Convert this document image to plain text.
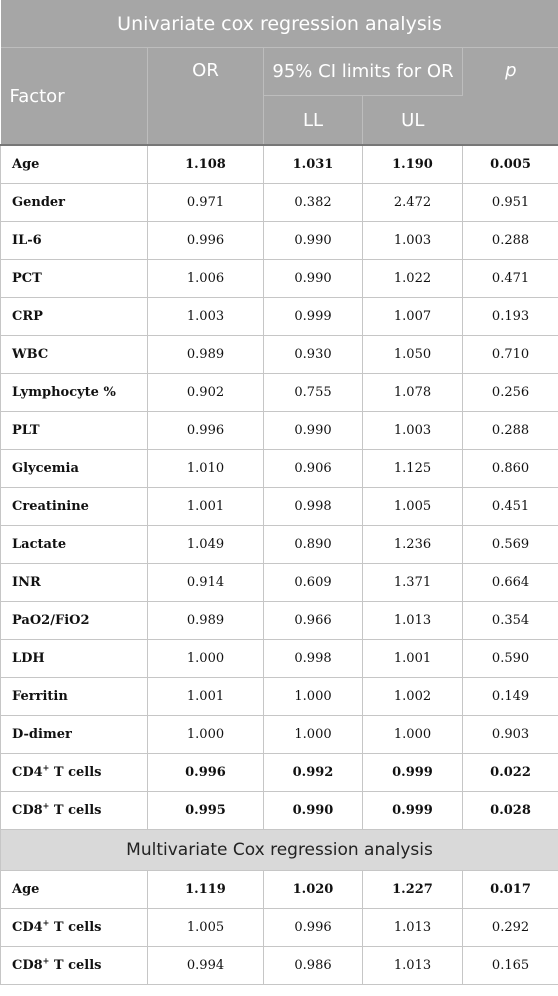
Univariate cox regression analysis				
Factor	OR	95% CI limits for OR		p
		LL	UL	
Age	1.108	1.031	1.190	0.005
Gender	0.971	0.382	2.472	0.951
IL-6	0.996	0.990	1.003	0.288
PCT	1.006	0.990	1.022	0.471
CRP	1.003	0.999	1.007	0.193
WBC	0.989	0.930	1.050	0.710
Lymphocyte %	0.902	0.755	1.078	0.256
PLT	0.996	0.990	1.003	0.288
Glycemia	1.010	0.906	1.125	0.860
Creatinine	1.001	0.998	1.005	0.451
Lactate	1.049	0.890	1.236	0.569
INR	0.914	0.609	1.371	0.664
PaO2/FiO2	0.989	0.966	1.013	0.354
LDH	1.000	0.998	1.001	0.590
Ferritin	1.001	1.000	1.002	0.149
D-dimer	1.000	1.000	1.000	0.903
CD4+ T cells	0.996	0.992	0.999	0.022
CD8+ T cells	0.995	0.990	0.999	0.028
Multivariate Cox regression analysis				
Age	1.119	1.020	1.227	0.017
CD4+ T cells	1.005	0.996	1.013	0.292
CD8+ T cells	0.994	0.986	1.013	0.165
